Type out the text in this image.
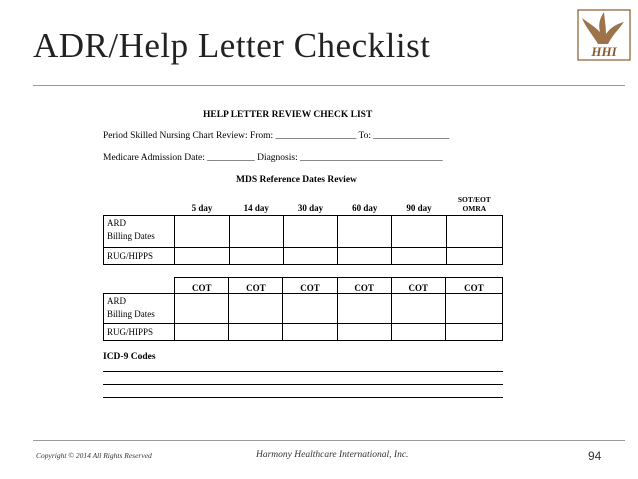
ADR/Help Letter Checklist	HHI
HELP LETTER REVIEW CHECK LIST
Period Skilled Nursing Chart Review: From: _________________ To: ________________
Medicare Admission Date: __________ Diagnosis: ______________________________
MDS Reference Dates Review
	5 day	14 day	30 day	60 day	90 day	SOT/EOT OMRA

ARD
Billing Dates						

RUG/HIPPS						
	COT	COT	COT	COT	COT	COT

ARD
Billing Dates						

RUG/HIPPS						
ICD-9 Codes
Copyright © 2014 All Rights Reserved	Harmony Healthcare International, Inc.	94
